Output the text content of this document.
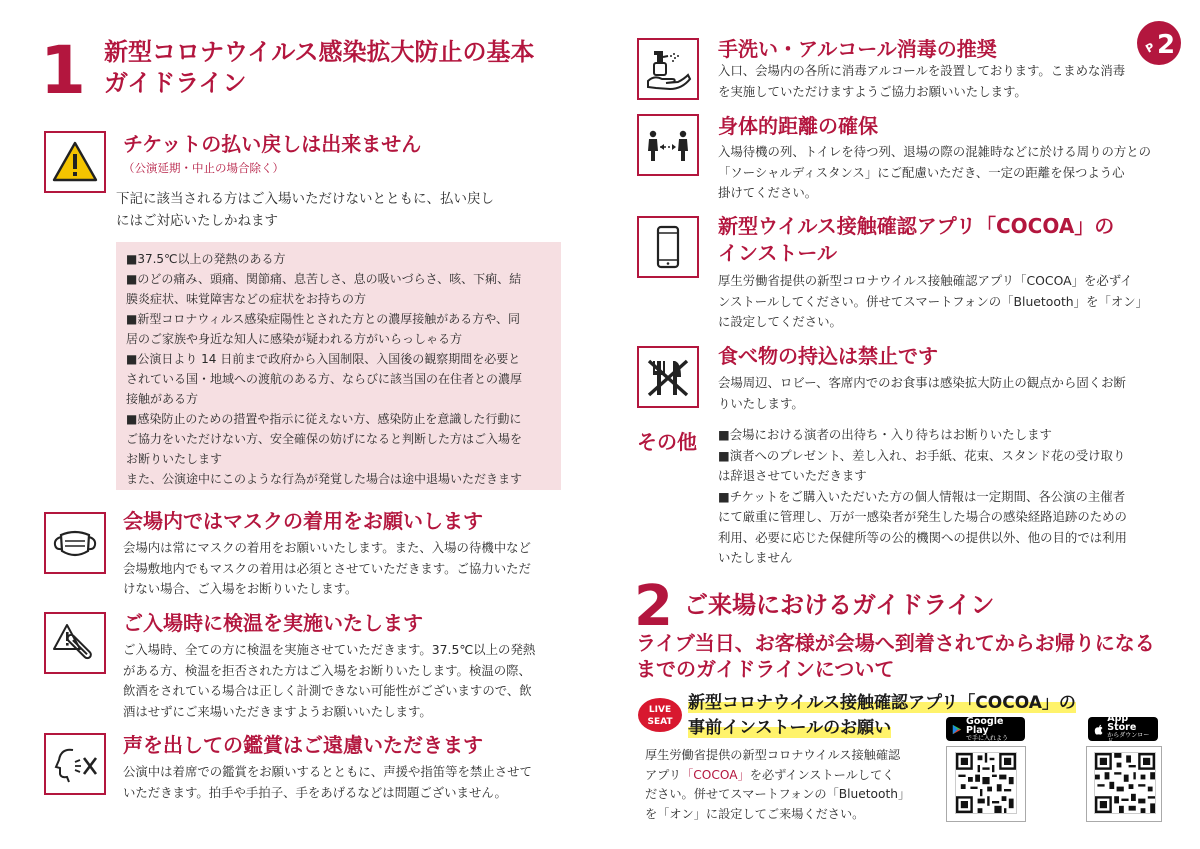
1 新型コロナウイルス感染拡大防止の基本
ガイドライン
チケットの払い戻しは出来ません
（公演延期・中止の場合除く）
下記に該当される方はご入場いただけないとともに、払い戻し
にはご対応いたしかねます

■37.5℃以上の発熱のある方

■のどの痛み、頭痛、関節痛、息苦しさ、息の吸いづらさ、咳、下痢、結

膜炎症状、味覚障害などの症状をお持ちの方

■新型コロナウィルス感染症陽性とされた方との濃厚接触がある方や、同

居のご家族や身近な知人に感染が疑われる方がいらっしゃる方

■公演日より 14 日前まで政府から入国制限、入国後の観察期間を必要と

されている国・地域への渡航のある方、ならびに該当国の在住者との濃厚

接触がある方

■感染防止のための措置や指示に従えない方、感染防止を意識した行動に

ご協力をいただけない方、安全確保の妨げになると判断した方はご入場を

お断りいたします

また、公演途中にこのような行為が発覚した場合は途中退場いただきます

会場内ではマスクの着用をお願いします
会場内は常にマスクの着用をお願いいたします。また、入場の待機中など
会場敷地内でもマスクの着用は必須とさせていただきます。ご協力いただ
けない場合、ご入場をお断りいたします。
ご入場時に検温を実施いたします
ご入場時、全ての方に検温を実施させていただきます。37.5℃以上の発熱
がある方、検温を拒否された方はご入場をお断りいたします。検温の際、
飲酒をされている場合は正しく計測できない可能性がございますので、飲
酒はせずにご来場いただきますようお願いいたします。
声を出しての鑑賞はご遠慮いただきます
公演中は着席での鑑賞をお願いするとともに、声援や指笛等を禁止させて
いただきます。拍手や手拍子、手をあげるなどは問題ございません。
P 2
手洗い・アルコール消毒の推奨
入口、会場内の各所に消毒アルコールを設置しております。こまめな消毒
を実施していただけますようご協力お願いいたします。
身体的距離の確保
入場待機の列、トイレを待つ列、退場の際の混雑時などに於ける周りの方との
「ソーシャルディスタンス」にご配慮いただき、一定の距離を保つよう心
掛けてください。
新型ウイルス接触確認アプリ「COCOA」の
インストール
厚生労働省提供の新型コロナウイルス接触確認アプリ「COCOA」を必ずイ
ンストールしてください。併せてスマートフォンの「Bluetooth」を「オン」
に設定してください。
食べ物の持込は禁止です
会場周辺、ロビー、客席内でのお食事は感染拡大防止の観点から固くお断
りいたします。
その他 ■会場における演者の出待ち・入り待ちはお断りいたします

■演者へのプレゼント、差し入れ、お手紙、花束、スタンド花の受け取り

は辞退させていただきます

■チケットをご購入いただいた方の個人情報は一定期間、各公演の主催者

にて厳重に管理し、万が一感染者が発生した場合の感染経路追跡のための

利用、必要に応じた保健所等の公的機関への提供以外、他の目的では利用

いたしません

2 ご来場におけるガイドライン
ライブ当日、お客様が会場へ到着されてからお帰りになる
までのガイドラインについて
LIVE
SEAT
新型コロナウイルス接触確認アプリ「COCOA」の
事前インストールのお願い
厚生労働省提供の新型コロナウイルス接触確認
アプリ「COCOA」を必ずインストールしてく
ださい。併せてスマートフォンの「Bluetooth」
を「オン」に設定してご来場ください。
Google Play
で手に入れよう
App Store
からダウンロード
